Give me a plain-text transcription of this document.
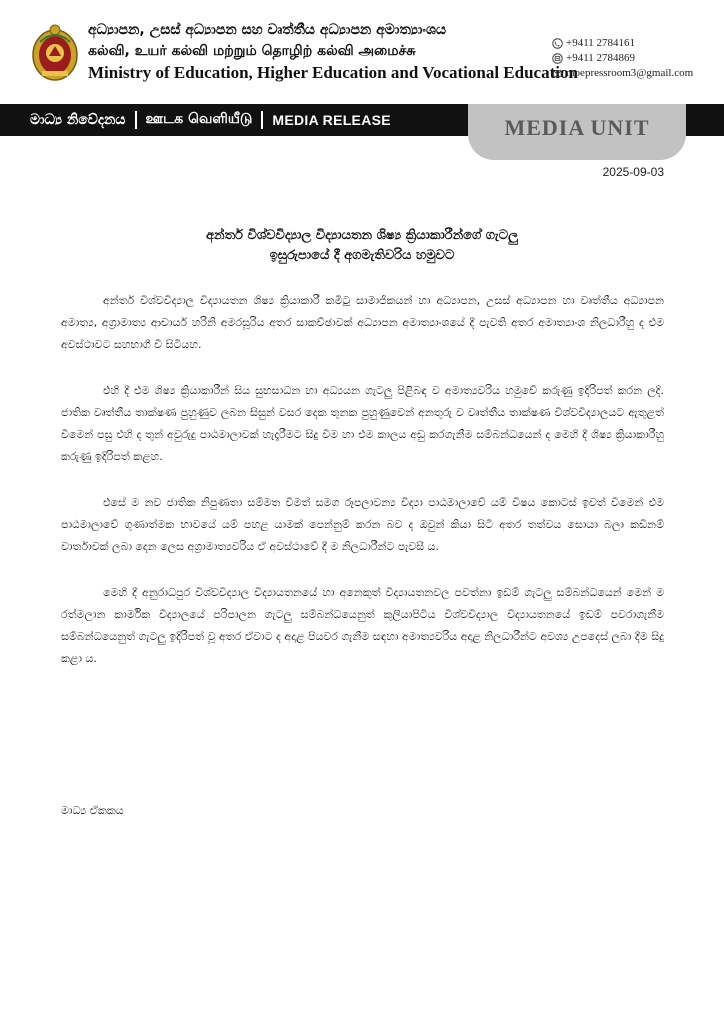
අධ්‍යාපන, උසස් අධ්‍යාපන සහ වෘත්තීය අධ්‍යාපන අමාත්‍යාංශය
கல்வி, உயர் கல்வி மற்றும் தொழிற் கல்வி அமைச்சு
Ministry of Education, Higher Education and Vocational Education
+9411 2784161
+9411 2784869
moepressroom3@gmail.com
මාධ්‍ය නිවේදනය ஊடக வெளியீடு MEDIA RELEASE	MEDIA UNIT
2025-09-03
අන්තර් විශ්වවිද්‍යාල විද්‍යායතන ශිෂ්‍ය ක්‍රියාකාරීන්ගේ ගැටලු
ඉසුරුපායේ දී අගමැතිවරිය හමුවට

අන්තර් විශ්වවිද්‍යාල විද්‍යායතන ශිෂ්‍ය ක්‍රියාකාරී කමිටු සාමාජිකයන් හා අධ්‍යාපන, උසස් අධ්‍යාපන හා වෘත්තීය අධ්‍යාපන අමාත්‍ය, අග්‍රාමාත්‍ය ආචාර්ය හරිනි අමරසූරිය අතර සාකච්ඡාවක් අධ්‍යාපන අමාත්‍යාංශයේ දී පැවති අතර අමාත්‍යාංශ නිලධාරීහු ද එම අවස්ථාවට සහභාගී වී සිටියහ.

එහි දී එම ශිෂ්‍ය ක්‍රියාකාරීන් සිය සුභසාධන හා අධ්‍යයන ගැටලු පිළිබඳ ව අමාත්‍යවරිය හමුවේ කරුණු ඉදිරිපත් කරන ලදි. ජාතික වෘත්තීය තාක්ෂණ පුහුණුව ලබන සිසුන් වසර දෙක තුනක පුහුණුවෙන් අනතුරු ව වෘත්තීය තාක්ෂණ විශ්වවිද්‍යාලයට ඇතුළත් වීමෙන් පසු එහි ද තුන් අවුරුදු පාඨමාලාවක් හැදෑරීමට සිදු වීම හා එම කාලය අඩු කරගැනීම සම්බන්ධයෙන් ද මෙහි දී ශිෂ්‍ය ක්‍රියාකාරීහු කරුණු ඉදිරිපත් කළහ.

එසේ ම නව ජාතික නිපුණතා සම්මත වීමත් සමග රූපලාවන්‍ය විද්‍යා පාඨමාලාවේ යම් විෂය කොටස් ඉවත් වීමෙන් එම පාඨමාලාවේ ගුණාත්මක භාවයේ යම් පහළ යාමක් පෙන්නුම් කරන බව ද ඔවුන් කියා සිටි අතර තත්වය සොයා බලා කඩිනම් වාර්තාවක් ලබා දෙන ලෙස අග්‍රාමාත්‍යවරිය ඒ අවස්ථාවේ දී ම නිලධාරීන්ට පැවසී ය.

මෙහි දී අනුරාධපුර විශ්වවිද්‍යාල විද්‍යායතනයේ හා අනෙකුත් විද්‍යායතනවල පවත්නා ඉඩම් ගැටලු සම්බන්ධයෙන් මෙන් ම රත්මලාන කාර්මික විද්‍යාලයේ පරිපාලන ගැටලු සම්බන්ධයෙනුත් කුලියාපිටිය විශ්වවිද්‍යාල විද්‍යායතනයේ ඉඩම් පවරාගැනීම සම්බන්ධයෙනුත් ගැටලු ඉදිරිපත් වූ අතර ඒවාට ද අදාළ පියවර ගැනීම සඳහා අමාත්‍යවරිය අදාළ නිලධාරීන්ට අවශ්‍ය උපදෙස් ලබා දීම සිදු කළා ය.

මාධ්‍ය ඒකකය
